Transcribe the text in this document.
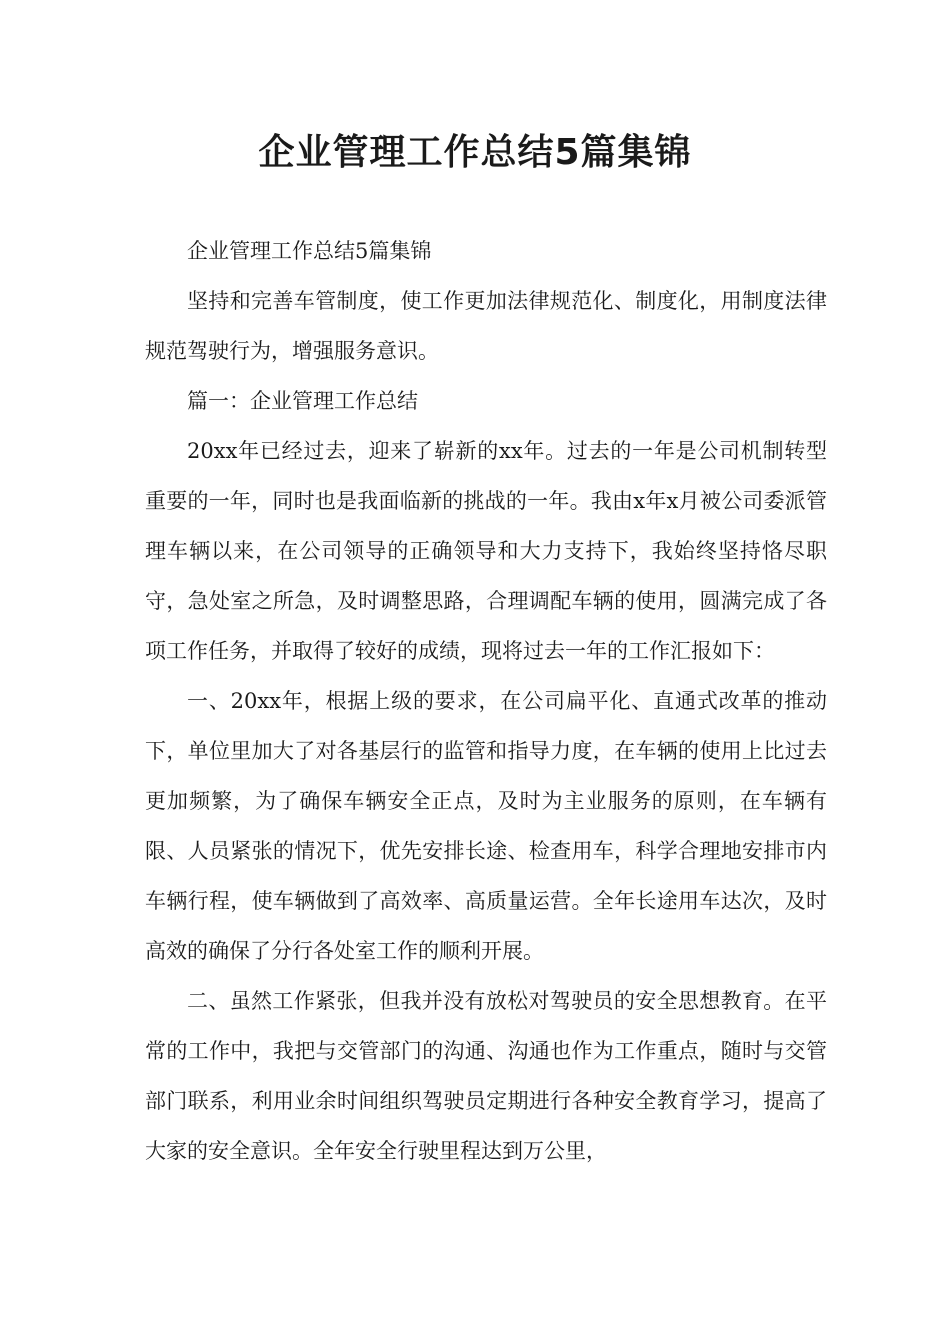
企业管理工作总结5篇集锦

企业管理工作总结5篇集锦

坚持和完善车管制度，使工作更加法律规范化、制度化，用制度法律规范驾驶行为，增强服务意识。

篇一：企业管理工作总结

20xx年已经过去，迎来了崭新的xx年。过去的一年是公司机制转型重要的一年，同时也是我面临新的挑战的一年。我由x年x月被公司委派管理车辆以来，在公司领导的正确领导和大力支持下，我始终坚持恪尽职守，急处室之所急，及时调整思路，合理调配车辆的使用，圆满完成了各项工作任务，并取得了较好的成绩，现将过去一年的工作汇报如下：

一、20xx年，根据上级的要求，在公司扁平化、直通式改革的推动下，单位里加大了对各基层行的监管和指导力度，在车辆的使用上比过去更加频繁，为了确保车辆安全正点，及时为主业服务的原则，在车辆有限、人员紧张的情况下，优先安排长途、检查用车，科学合理地安排市内车辆行程，使车辆做到了高效率、高质量运营。全年长途用车达次，及时高效的确保了分行各处室工作的顺利开展。

二、虽然工作紧张，但我并没有放松对驾驶员的安全思想教育。在平常的工作中，我把与交管部门的沟通、沟通也作为工作重点，随时与交管部门联系，利用业余时间组织驾驶员定期进行各种安全教育学习，提高了大家的安全意识。全年安全行驶里程达到万公里，
